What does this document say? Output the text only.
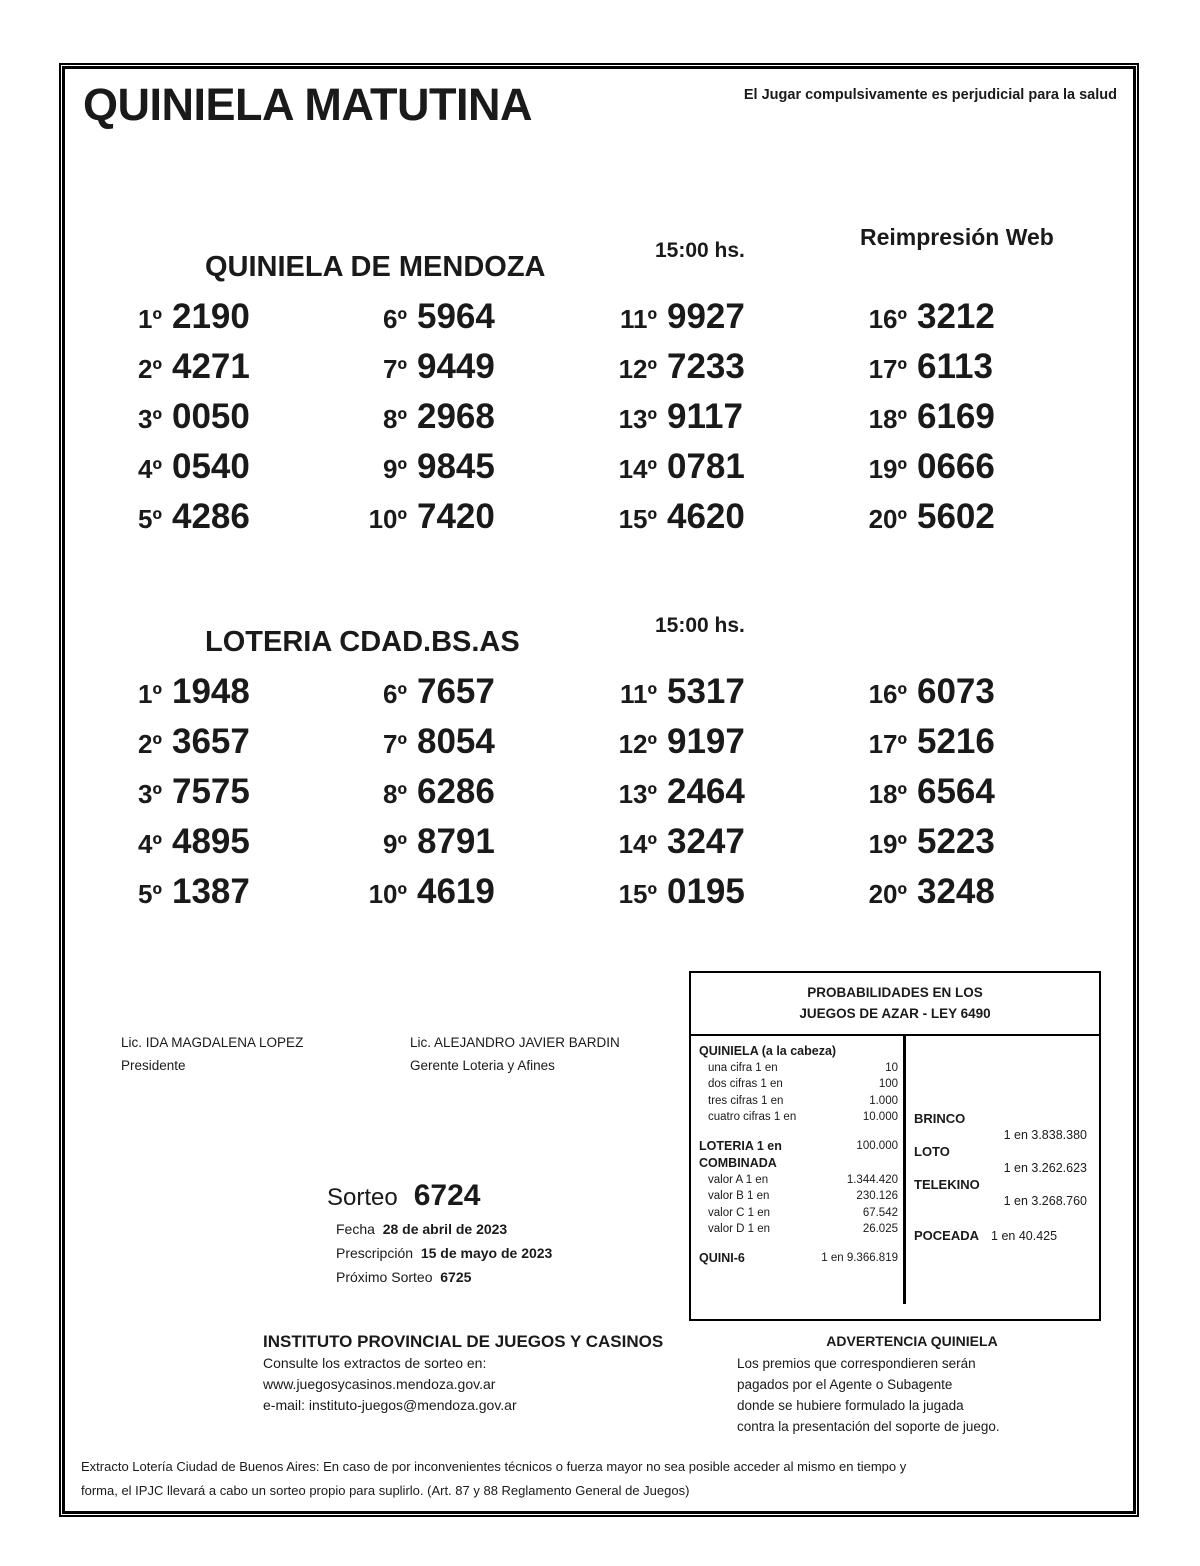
QUINIELA MATUTINA	El Jugar compulsivamente es perjudicial para la salud
Reimpresión Web
QUINIELA DE MENDOZA
15:00 hs.
1º 2190	6º 5964	11º 9927	16º 3212
2º 4271	7º 9449	12º 7233	17º 6113
3º 0050	8º 2968	13º 9117	18º 6169
4º 0540	9º 9845	14º 0781	19º 0666
5º 4286	10º 7420	15º 4620	20º 5602
LOTERIA CDAD.BS.AS
15:00 hs.
1º 1948	6º 7657	11º 5317	16º 6073
2º 3657	7º 8054	12º 9197	17º 5216
3º 7575	8º 6286	13º 2464	18º 6564
4º 4895	9º 8791	14º 3247	19º 5223
5º 1387	10º 4619	15º 0195	20º 3248
Lic. IDA MAGDALENA LOPEZ
Presidente
Lic. ALEJANDRO JAVIER BARDIN
Gerente Loteria y Afines
PROBABILIDADES EN LOS
JUEGOS DE AZAR - LEY 6490
QUINIELA (a la cabeza)
una cifra 1 en	10
dos cifras 1 en	100
tres cifras 1 en	1.000
cuatro cifras 1 en	10.000
LOTERIA 1 en	100.000
COMBINADA
valor A 1 en	1.344.420
valor B 1 en	230.126
valor C 1 en	67.542
valor D 1 en	26.025
QUINI-6	1 en 9.366.819
BRINCO
1 en 3.838.380
LOTO
1 en 3.262.623
TELEKINO
1 en 3.268.760
POCEADA 1 en 40.425
Sorteo 6724
Fecha 28 de abril de 2023
Prescripción 15 de mayo de 2023
Próximo Sorteo 6725
INSTITUTO PROVINCIAL DE JUEGOS Y CASINOS
Consulte los extractos de sorteo en:
www.juegosycasinos.mendoza.gov.ar
e-mail: instituto-juegos@mendoza.gov.ar
ADVERTENCIA QUINIELA
Los premios que correspondieren serán
pagados por el Agente o Subagente
donde se hubiere formulado la jugada
contra la presentación del soporte de juego.
Extracto Lotería Ciudad de Buenos Aires: En caso de por inconvenientes técnicos o fuerza mayor no sea posible acceder al mismo en tiempo y
forma, el IPJC llevará a cabo un sorteo propio para suplirlo. (Art. 87 y 88 Reglamento General de Juegos)
